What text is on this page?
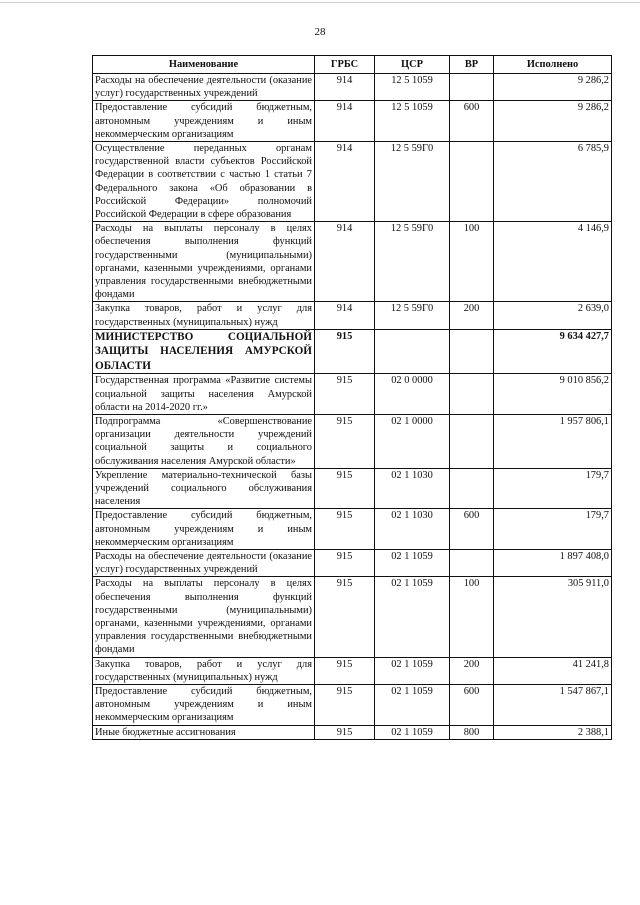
28
Наименование	ГРБС	ЦСР	ВР	Исполнено
Расходы на обеспечение деятельности (оказание услуг) государственных учреждений	914	12 5 1059		9 286,2
Предоставление субсидий бюджетным, автономным учреждениям и иным некоммерческим организациям	914	12 5 1059	600	9 286,2
Осуществление переданных органам государственной власти субъектов Российской Федерации в соответствии с частью 1 статьи 7 Федерального закона «Об образовании в Российской Федерации» полномочий Российской Федерации в сфере образования	914	12 5 59Г0		6 785,9
Расходы на выплаты персоналу в целях обеспечения выполнения функций государственными (муниципальными) органами, казенными учреждениями, органами управления государственными внебюджетными фондами	914	12 5 59Г0	100	4 146,9
Закупка товаров, работ и услуг для государственных (муниципальных) нужд	914	12 5 59Г0	200	2 639,0
МИНИСТЕРСТВО СОЦИАЛЬНОЙ ЗАЩИТЫ НАСЕЛЕНИЯ АМУРСКОЙ ОБЛАСТИ	915			9 634 427,7
Государственная программа «Развитие системы социальной защиты населения Амурской области на 2014-2020 гг.»	915	02 0 0000		9 010 856,2
Подпрограмма «Совершенствование организации деятельности учреждений социальной защиты и социального обслуживания населения Амурской области»	915	02 1 0000		1 957 806,1
Укрепление материально-технической базы учреждений социального обслуживания населения	915	02 1 1030		179,7
Предоставление субсидий бюджетным, автономным учреждениям и иным некоммерческим организациям	915	02 1 1030	600	179,7
Расходы на обеспечение деятельности (оказание услуг) государственных учреждений	915	02 1 1059		1 897 408,0
Расходы на выплаты персоналу в целях обеспечения выполнения функций государственными (муниципальными) органами, казенными учреждениями, органами управления государственными внебюджетными фондами	915	02 1 1059	100	305 911,0
Закупка товаров, работ и услуг для государственных (муниципальных) нужд	915	02 1 1059	200	41 241,8
Предоставление субсидий бюджетным, автономным учреждениям и иным некоммерческим организациям	915	02 1 1059	600	1 547 867,1
Иные бюджетные ассигнования	915	02 1 1059	800	2 388,1
